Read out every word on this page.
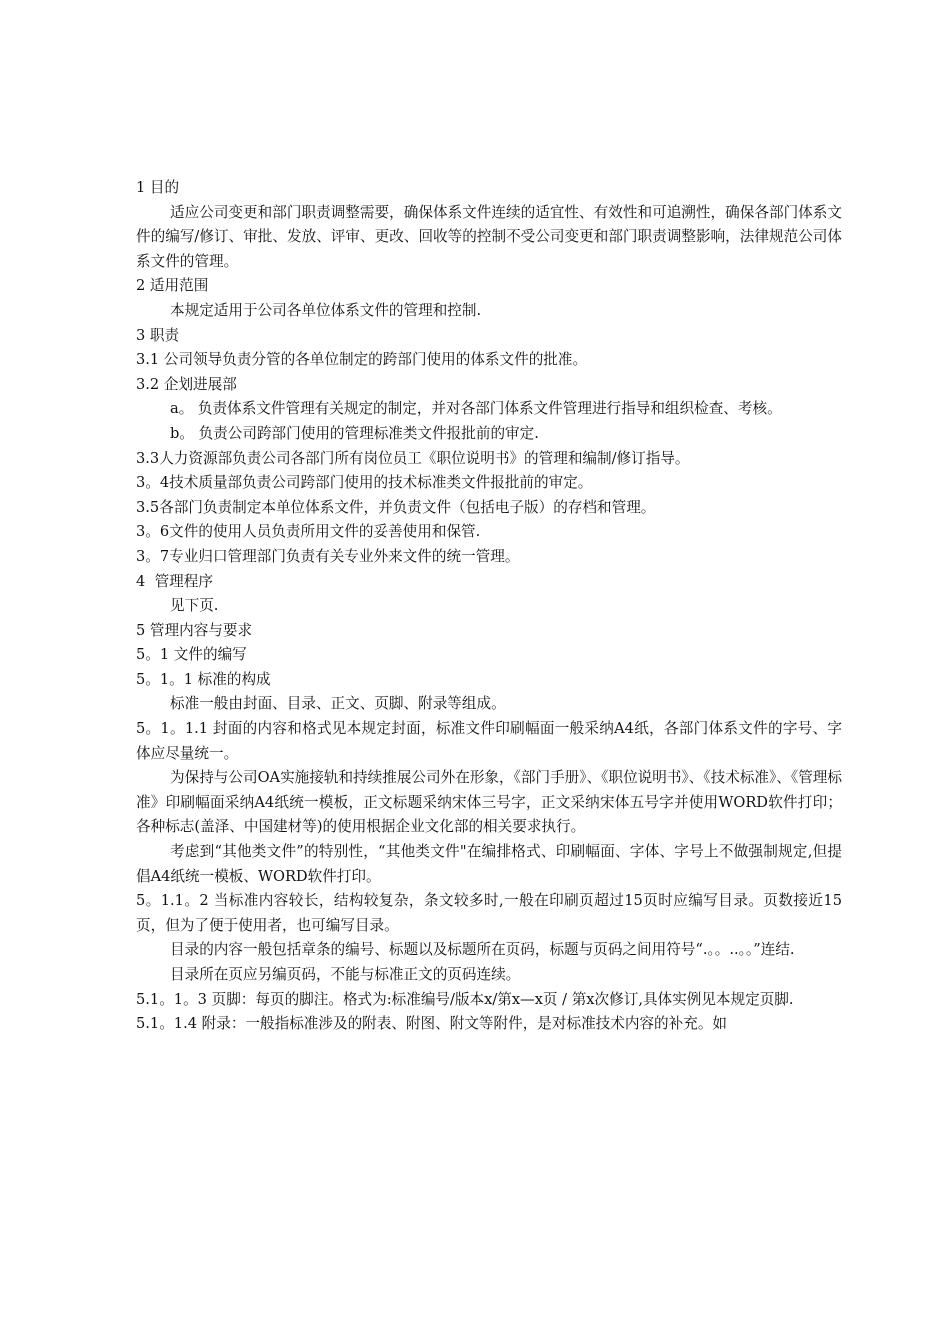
1 目的

适应公司变更和部门职责调整需要，确保体系文件连续的适宜性、有效性和可追溯性，确保各部门体系文件的编写/修订、审批、发放、评审、更改、回收等的控制不受公司变更和部门职责调整影响，法律规范公司体系文件的管理。

2 适用范围

本规定适用于公司各单位体系文件的管理和控制.

3 职责

3.1 公司领导负责分管的各单位制定的跨部门使用的体系文件的批准。

3.2 企划进展部

a。 负责体系文件管理有关规定的制定，并对各部门体系文件管理进行指导和组织检查、考核。

b。 负责公司跨部门使用的管理标准类文件报批前的审定.

3.3人力资源部负责公司各部门所有岗位员工《职位说明书》的管理和编制/修订指导。

3。4技术质量部负责公司跨部门使用的技术标准类文件报批前的审定。

3.5各部门负责制定本单位体系文件，并负责文件（包括电子版）的存档和管理。

3。6文件的使用人员负责所用文件的妥善使用和保管.

3。7专业归口管理部门负责有关专业外来文件的统一管理。

4  管理程序

见下页.

5 管理内容与要求

5。1 文件的编写

5。1。1 标准的构成

标准一般由封面、目录、正文、页脚、附录等组成。

5。1。1.1 封面的内容和格式见本规定封面，标准文件印刷幅面一般采纳A4纸，各部门体系文件的字号、字体应尽量统一。

为保持与公司OA实施接轨和持续推展公司外在形象，《部门手册》、《职位说明书》、《技术标准》、《管理标准》印刷幅面采纳A4纸统一模板，正文标题采纳宋体三号字，正文采纳宋体五号字并使用WORD软件打印；各种标志(盖泽、中国建材等)的使用根据企业文化部的相关要求执行。

考虑到“其他类文件”的特别性，“其他类文件"在编排格式、印刷幅面、字体、字号上不做强制规定,但提倡A4纸统一模板、WORD软件打印。

5。1.1。2 当标准内容较长，结构较复杂，条文较多时,一般在印刷页超过15页时应编写目录。页数接近15页，但为了便于使用者，也可编写目录。

目录的内容一般包括章条的编号、标题以及标题所在页码，标题与页码之间用符号“.。。..。。”连结.

目录所在页应另编页码，不能与标准正文的页码连续。

5.1。1。3 页脚：每页的脚注。格式为:标准编号/版本x/第x—x页 / 第x次修订,具体实例见本规定页脚.

5.1。1.4 附录：一般指标准涉及的附表、附图、附文等附件，是对标准技术内容的补充。如
